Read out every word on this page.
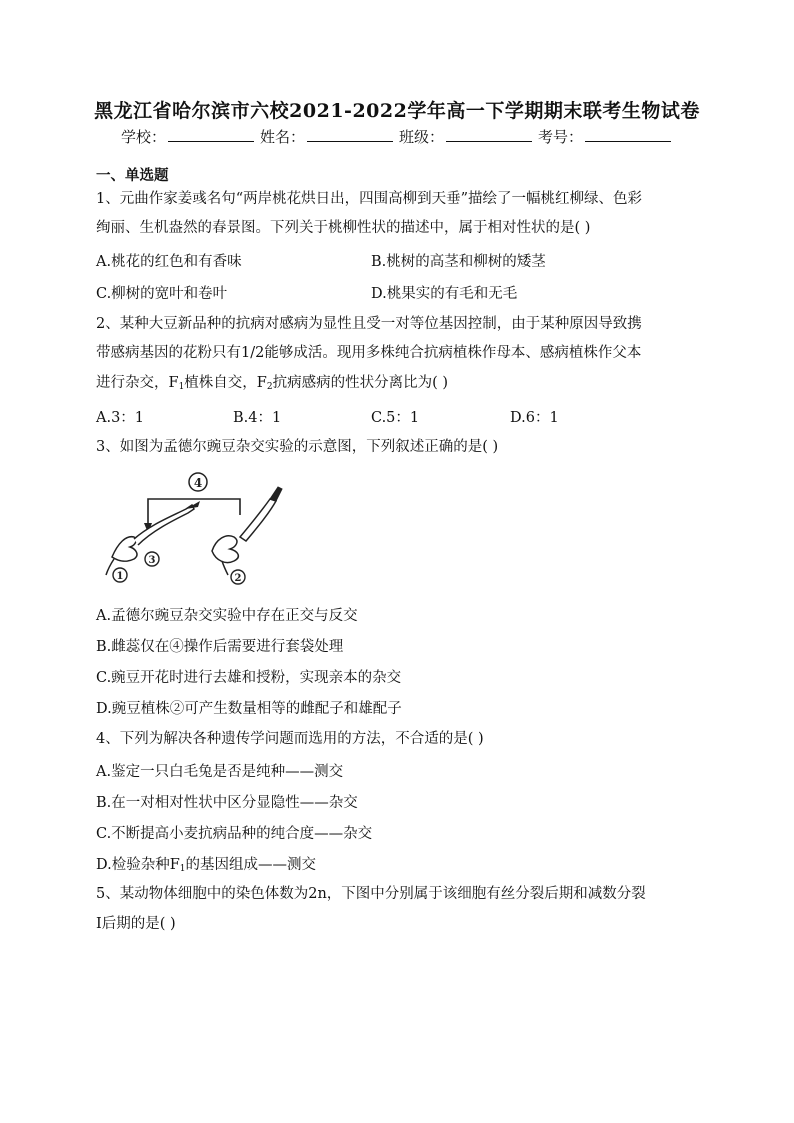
黑龙江省哈尔滨市六校2021-2022学年高一下学期期末联考生物试卷
学校：	姓名：	班级：	考号：
一、单选题
1、元曲作家姜彧名句“两岸桃花烘日出，四围高柳到天垂”描绘了一幅桃红柳绿、色彩
绚丽、生机盎然的春景图。下列关于桃柳性状的描述中，属于相对性状的是( )
A.桃花的红色和有香味	B.桃树的高茎和柳树的矮茎
C.柳树的宽叶和卷叶	D.桃果实的有毛和无毛
2、某种大豆新品种的抗病对感病为显性且受一对等位基因控制，由于某种原因导致携
带感病基因的花粉只有1/2能够成活。现用多株纯合抗病植株作母本、感病植株作父本
进行杂交，$F_1$植株自交，$F_2$抗病感病的性状分离比为( )
A.3：1	B.4：1	C.5：1	D.6：1
3、如图为孟德尔豌豆杂交实验的示意图，下列叙述正确的是( )
4
3
1	2
A.孟德尔豌豆杂交实验中存在正交与反交
B.雌蕊仅在④操作后需要进行套袋处理
C.豌豆开花时进行去雄和授粉，实现亲本的杂交
D.豌豆植株②可产生数量相等的雌配子和雄配子
4、下列为解决各种遗传学问题而选用的方法，不合适的是( )
A.鉴定一只白毛兔是否是纯种——测交
B.在一对相对性状中区分显隐性——杂交
C.不断提高小麦抗病品种的纯合度——杂交
D.检验杂种$F_1$的基因组成——测交
5、某动物体细胞中的染色体数为2n，下图中分别属于该细胞有丝分裂后期和减数分裂
Ⅰ后期的是( )
